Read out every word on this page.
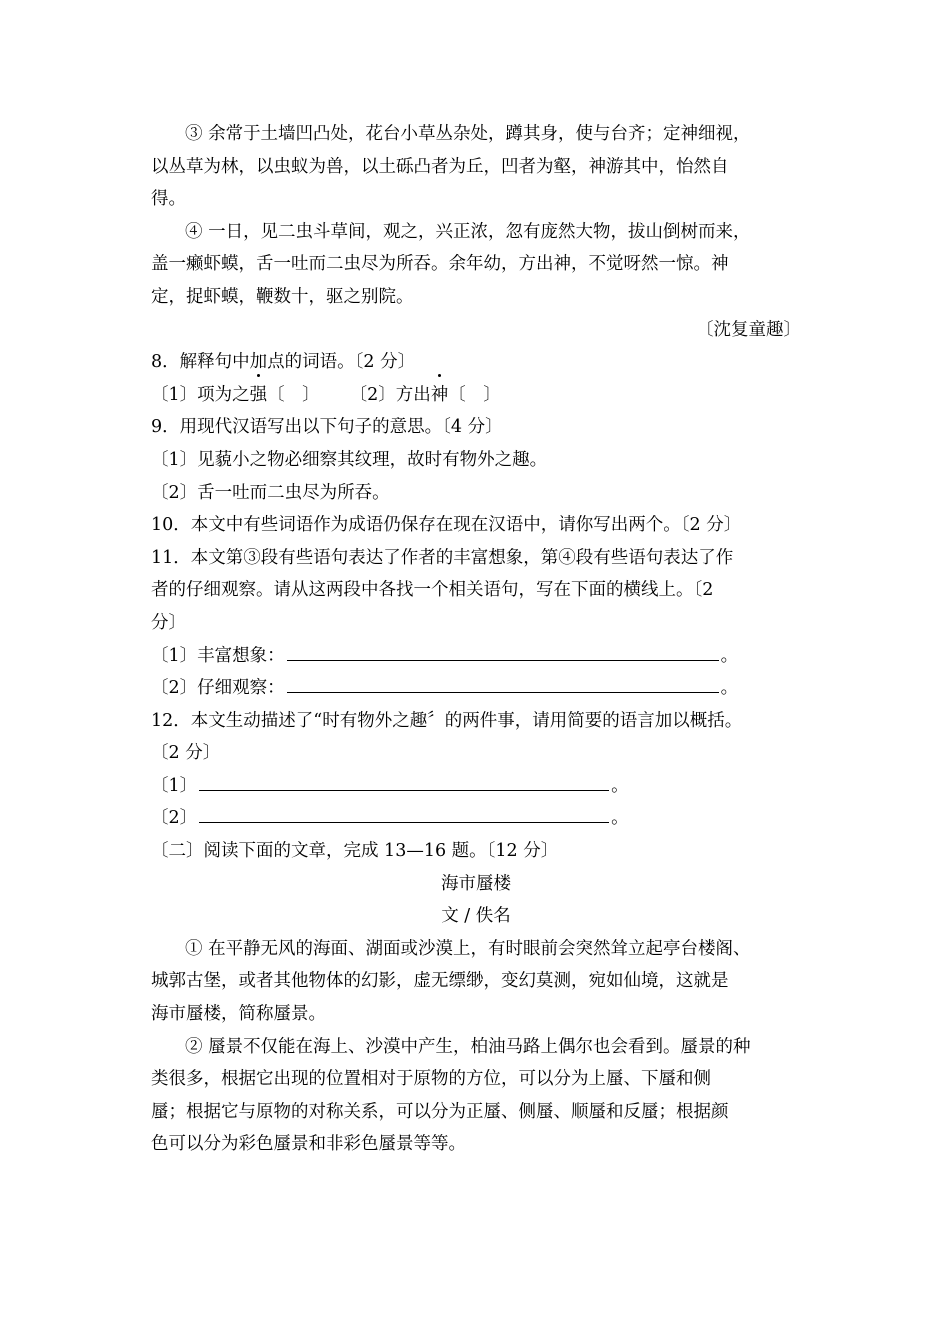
③ 余常于土墙凹凸处，花台小草丛杂处，蹲其身，使与台齐；定神细视，
以丛草为林，以虫蚁为兽，以土砾凸者为丘，凹者为壑，神游其中，怡然自
得。
④ 一日，见二虫斗草间，观之，兴正浓，忽有庞然大物，拔山倒树而来，
盖一癞虾蟆，舌一吐而二虫尽为所吞。余年幼，方出神，不觉呀然一惊。神
定，捉虾蟆，鞭数十，驱之别院。
〔沈复童趣〕
8．解释句中加点的词语。〔2 分〕
〔1〕项为之强〔　〕 〔2〕方出神〔　〕
9．用现代汉语写出以下句子的意思。〔4 分〕
〔1〕见藐小之物必细察其纹理，故时有物外之趣。
〔2〕舌一吐而二虫尽为所吞。
10．本文中有些词语作为成语仍保存在现在汉语中，请你写出两个。〔2 分〕
11．本文第③段有些语句表达了作者的丰富想象，第④段有些语句表达了作
者的仔细观察。请从这两段中各找一个相关语句，写在下面的横线上。〔2
分〕
〔1〕丰富想象：	。
〔2〕仔细观察：	。
12．本文生动描述了“时有物外之趣〞的两件事，请用简要的语言加以概括。
〔2 分〕
〔1〕	。
〔2〕	。
〔二〕阅读下面的文章，完成 13—16 题。〔12 分〕
海市蜃楼
文 / 佚名
① 在平静无风的海面、湖面或沙漠上，有时眼前会突然耸立起亭台楼阁、
城郭古堡，或者其他物体的幻影，虚无缥缈，变幻莫测，宛如仙境，这就是
海市蜃楼，简称蜃景。
② 蜃景不仅能在海上、沙漠中产生，柏油马路上偶尔也会看到。蜃景的种
类很多，根据它出现的位置相对于原物的方位，可以分为上蜃、下蜃和侧
蜃；根据它与原物的对称关系，可以分为正蜃、侧蜃、顺蜃和反蜃；根据颜
色可以分为彩色蜃景和非彩色蜃景等等。
